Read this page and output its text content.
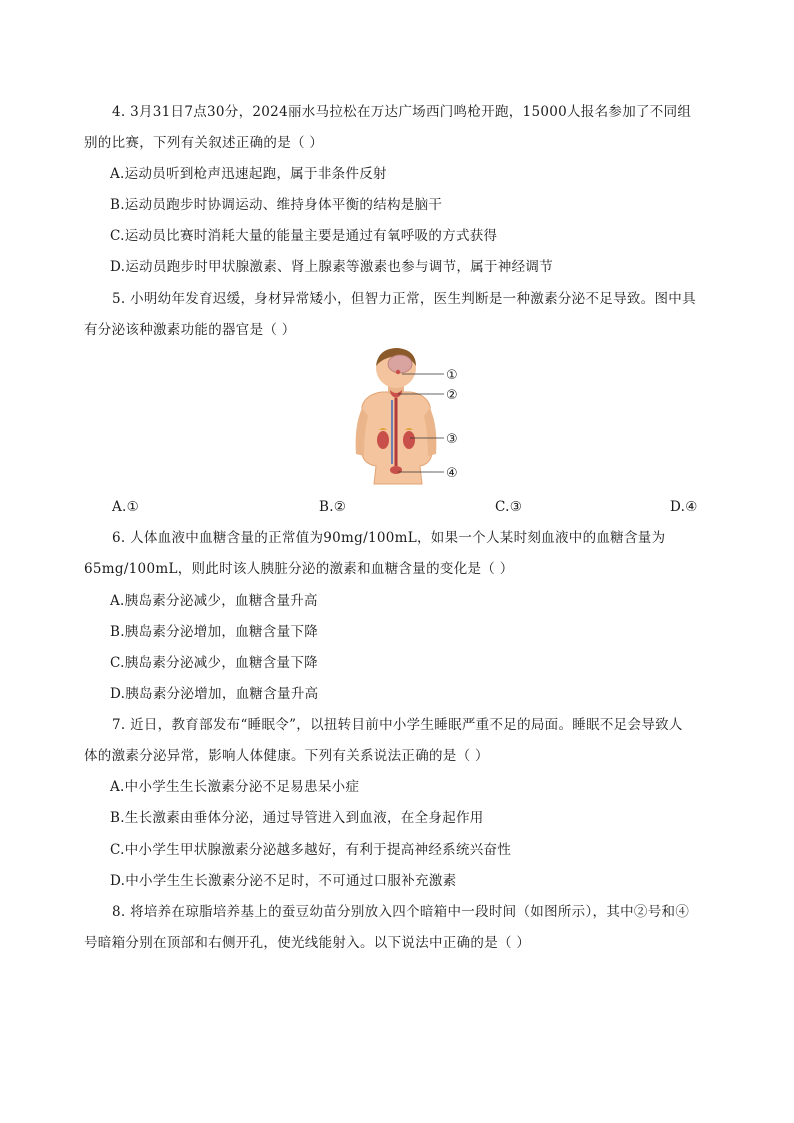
4. 3月31日7点30分，2024丽水马拉松在万达广场西门鸣枪开跑，15000人报名参加了不同组
别的比赛，下列有关叙述正确的是（ ）
A.运动员听到枪声迅速起跑，属于非条件反射
B.运动员跑步时协调运动、维持身体平衡的结构是脑干
C.运动员比赛时消耗大量的能量主要是通过有氧呼吸的方式获得
D.运动员跑步时甲状腺激素、肾上腺素等激素也参与调节，属于神经调节
5. 小明幼年发育迟缓，身材异常矮小，但智力正常，医生判断是一种激素分泌不足导致。图中具
有分泌该种激素功能的器官是（ ）
①
②
③
④
A.①	B.②	C.③	D.④
6. 人体血液中血糖含量的正常值为90mg/100mL，如果一个人某时刻血液中的血糖含量为
65mg/100mL，则此时该人胰脏分泌的激素和血糖含量的变化是（ ）
A.胰岛素分泌减少，血糖含量升高
B.胰岛素分泌增加，血糖含量下降
C.胰岛素分泌减少，血糖含量下降
D.胰岛素分泌增加，血糖含量升高
7. 近日，教育部发布“睡眠令”，以扭转目前中小学生睡眠严重不足的局面。睡眠不足会导致人
体的激素分泌异常，影响人体健康。下列有关系说法正确的是（ ）
A.中小学生生长激素分泌不足易患呆小症
B.生长激素由垂体分泌，通过导管进入到血液，在全身起作用
C.中小学生甲状腺激素分泌越多越好，有利于提高神经系统兴奋性
D.中小学生生长激素分泌不足时，不可通过口服补充激素
8. 将培养在琼脂培养基上的蚕豆幼苗分别放入四个暗箱中一段时间（如图所示），其中②号和④
号暗箱分别在顶部和右侧开孔，使光线能射入。以下说法中正确的是（ ）
